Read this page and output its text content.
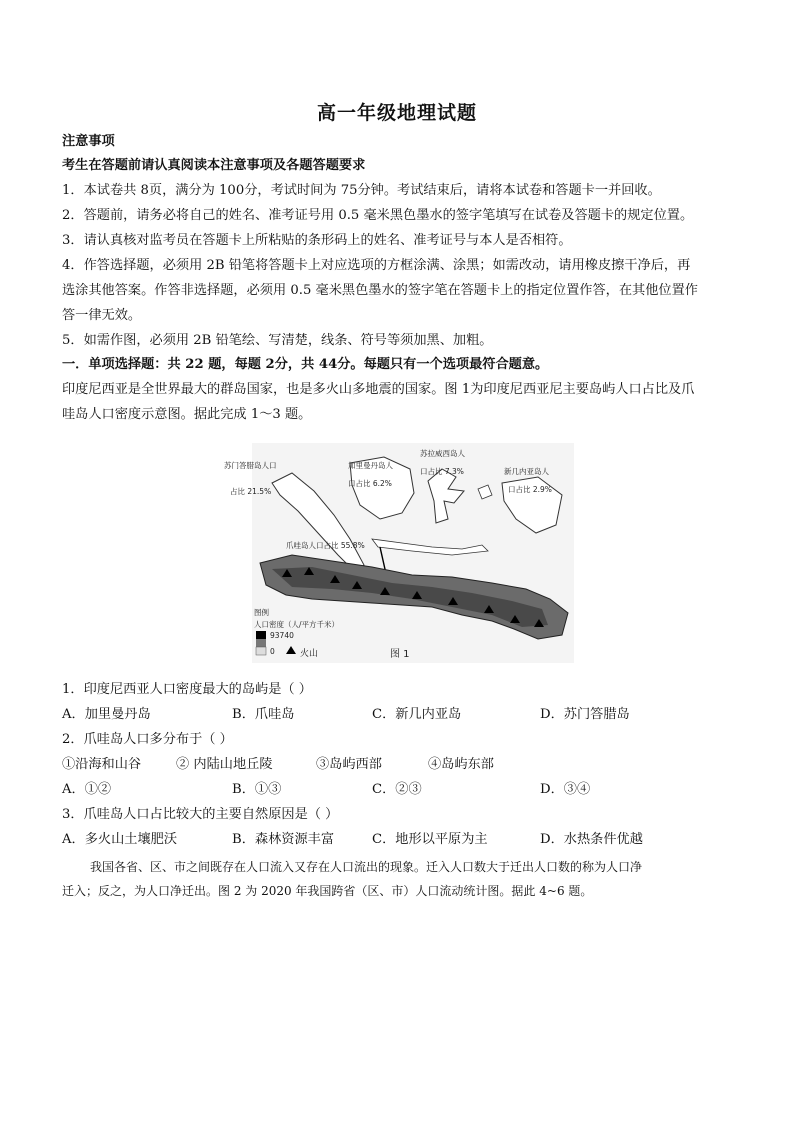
高一年级地理试题
注意事项
考生在答题前请认真阅读本注意事项及各题答题要求
1．本试卷共 8页，满分为 100分，考试时间为 75分钟。考试结束后，请将本试卷和答题卡一并回收。
2．答题前，请务必将自己的姓名、准考证号用 0.5 毫米黑色墨水的签字笔填写在试卷及答题卡的规定位置。
3．请认真核对监考员在答题卡上所粘贴的条形码上的姓名、准考证号与本人是否相符。
4．作答选择题，必须用 2B 铅笔将答题卡上对应选项的方框涂满、涂黑；如需改动，请用橡皮擦干净后，再
选涂其他答案。作答非选择题，必须用 0.5 毫米黑色墨水的签字笔在答题卡上的指定位置作答，在其他位置作
答一律无效。
5．如需作图，必须用 2B 铅笔绘、写清楚，线条、符号等须加黑、加粗。
一．单项选择题：共 22 题，每题 2分，共 44分。每题只有一个选项最符合题意。
印度尼西亚是全世界最大的群岛国家，也是多火山多地震的国家。图 1为印度尼西亚尼主要岛屿人口占比及爪
哇岛人口密度示意图。据此完成 1～3 题。
苏门答腊岛人口
占比 21.5%
加里曼丹岛人
口占比 6.2%
苏拉威西岛人
口占比 7.3%	新几内亚岛人
口占比 2.9%
爪哇岛人口占比 55.8%
图例
人口密度（人/平方千米）
93740
0	火山	图 1
1．印度尼西亚人口密度最大的岛屿是（ ）
A．加里曼丹岛	B．爪哇岛	C．新几内亚岛	D．苏门答腊岛
2．爪哇岛人口多分布于（ ）
①沿海和山谷	② 内陆山地丘陵	③岛屿西部	④岛屿东部
A．①②	B．①③	C．②③	D．③④
3．爪哇岛人口占比较大的主要自然原因是（ ）
A．多火山土壤肥沃	B．森林资源丰富	C．地形以平原为主	D．水热条件优越
我国各省、区、市之间既存在人口流入又存在人口流出的现象。迁入人口数大于迁出人口数的称为人口净
迁入；反之，为人口净迁出。图 2 为 2020 年我国跨省（区、市）人口流动统计图。据此 4~6 题。
